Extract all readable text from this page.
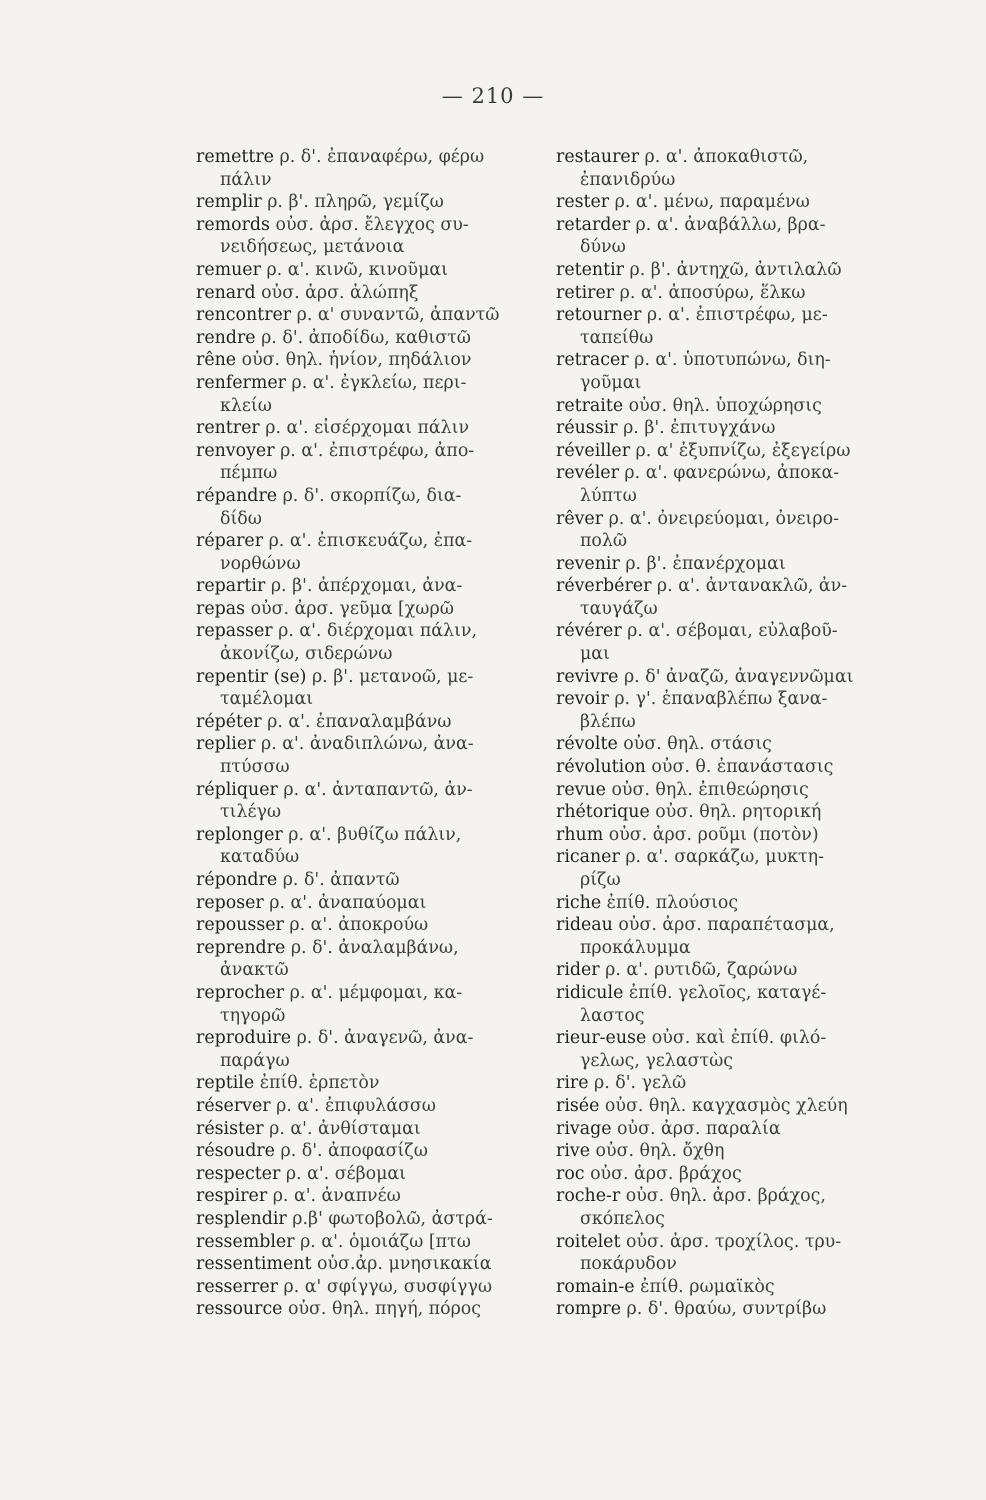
— 210 —
remettre ρ. δ'. ἐπαναφέρω, φέρω
πάλιν
remplir ρ. β'. πληρῶ, γεμίζω
remords οὐσ. ἀρσ. ἔλεγχος συ-
νειδήσεως, μετάνοια
remuer ρ. α'. κινῶ, κινοῦμαι
renard οὐσ. ἀρσ. ἀλώπηξ
rencontrer ρ. α' συναντῶ, ἀπαντῶ
rendre ρ. δ'. ἀποδίδω, καθιστῶ
rêne οὐσ. θηλ. ἡνίον, πηδάλιον
renfermer ρ. α'. ἐγκλείω, περι-
κλείω
rentrer ρ. α'. εἰσέρχομαι πάλιν
renvoyer ρ. α'. ἐπιστρέφω, ἀπο-
πέμπω
répandre ρ. δ'. σκορπίζω, δια-
δίδω
réparer ρ. α'. ἐπισκευάζω, ἐπα-
νορθώνω
repartir ρ. β'. ἀπέρχομαι, ἀνα-
repas οὐσ. ἀρσ. γεῦμα [χωρῶ
repasser ρ. α'. διέρχομαι πάλιν,
ἀκονίζω, σιδερώνω
repentir (se) ρ. β'. μετανοῶ, με-
ταμέλομαι
répéter ρ. α'. ἐπαναλαμβάνω
replier ρ. α'. ἀναδιπλώνω, ἀνα-
πτύσσω
répliquer ρ. α'. ἀνταπαντῶ, ἀν-
τιλέγω
replonger ρ. α'. βυθίζω πάλιν,
καταδύω
répondre ρ. δ'. ἀπαντῶ
reposer ρ. α'. ἀναπαύομαι
repousser ρ. α'. ἀποκρούω
reprendre ρ. δ'. ἀναλαμβάνω,
ἀνακτῶ
reprocher ρ. α'. μέμφομαι, κα-
τηγορῶ
reproduire ρ. δ'. ἀναγενῶ, ἀνα-
παράγω
reptile ἐπίθ. ἑρπετὸν
réserver ρ. α'. ἐπιφυλάσσω
résister ρ. α'. ἀνθίσταμαι
résoudre ρ. δ'. ἀποφασίζω
respecter ρ. α'. σέβομαι
respirer ρ. α'. ἀναπνέω
resplendir ρ.β' φωτοβολῶ, ἀστρά-
ressembler ρ. α'. ὁμοιάζω [πτω
ressentiment οὐσ.ἀρ. μνησικακία
resserrer ρ. α' σφίγγω, συσφίγγω
ressource οὐσ. θηλ. πηγή, πόρος
restaurer ρ. α'. ἀποκαθιστῶ,
ἐπανιδρύω
rester ρ. α'. μένω, παραμένω
retarder ρ. α'. ἀναβάλλω, βρα-
δύνω
retentir ρ. β'. ἀντηχῶ, ἀντιλαλῶ
retirer ρ. α'. ἀποσύρω, ἕλκω
retourner ρ. α'. ἐπιστρέφω, με-
ταπείθω
retracer ρ. α'. ὑποτυπώνω, διη-
γοῦμαι
retraite οὐσ. θηλ. ὑποχώρησις
réussir ρ. β'. ἐπιτυγχάνω
réveiller ρ. α' ἐξυπνίζω, ἐξεγείρω
revéler ρ. α'. φανερώνω, ἀποκα-
λύπτω
rêver ρ. α'. ὀνειρεύομαι, ὀνειρο-
πολῶ
revenir ρ. β'. ἐπανέρχομαι
réverbérer ρ. α'. ἀντανακλῶ, ἀν-
ταυγάζω
révérer ρ. α'. σέβομαι, εὐλαβοῦ-
μαι
revivre ρ. δ' ἀναζῶ, ἀναγεννῶμαι
revoir ρ. γ'. ἐπαναβλέπω ξανα-
βλέπω
révolte οὐσ. θηλ. στάσις
révolution οὐσ. θ. ἐπανάστασις
revue οὐσ. θηλ. ἐπιθεώρησις
rhétorique οὐσ. θηλ. ρητορική
rhum οὐσ. ἀρσ. ροῦμι (ποτὸν)
ricaner ρ. α'. σαρκάζω, μυκτη-
ρίζω
riche ἐπίθ. πλούσιος
rideau οὐσ. ἀρσ. παραπέτασμα,
προκάλυμμα
rider ρ. α'. ρυτιδῶ, ζαρώνω
ridicule ἐπίθ. γελοῖος, καταγέ-
λαστος
rieur-euse οὐσ. καὶ ἐπίθ. φιλό-
γελως, γελαστὼς
rire ρ. δ'. γελῶ
risée οὐσ. θηλ. καγχασμὸς χλεύη
rivage οὐσ. ἀρσ. παραλία
rive οὐσ. θηλ. ὄχθη
roc οὐσ. ἀρσ. βράχος
roche-r οὐσ. θηλ. ἀρσ. βράχος,
σκόπελος
roitelet οὐσ. ἀρσ. τροχίλος. τρυ-
ποκάρυδον
romain-e ἐπίθ. ρωμαϊκὸς
rompre ρ. δ'. θραύω, συντρίβω
